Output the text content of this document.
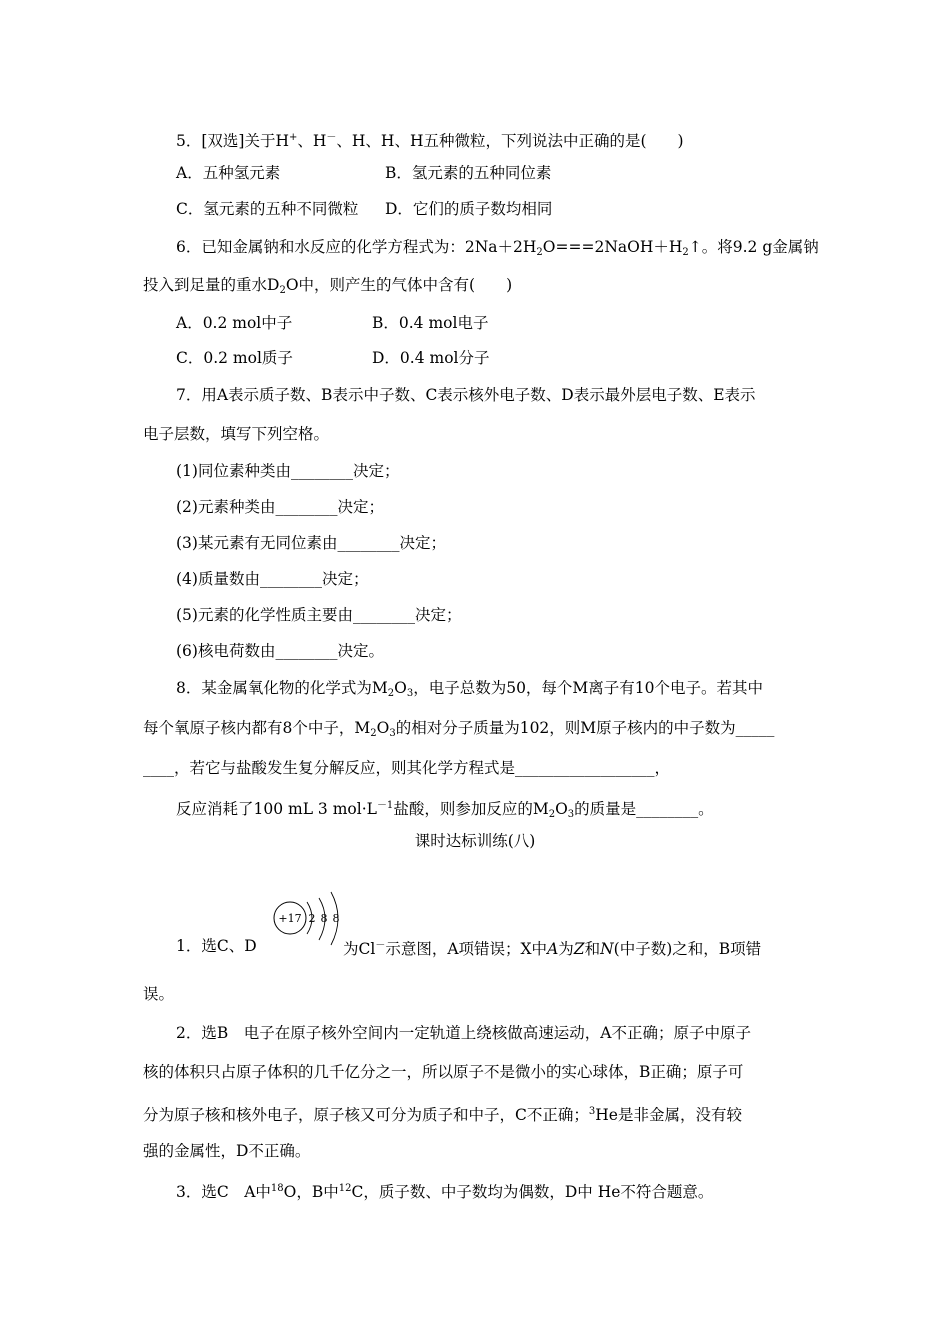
5．[双选]关于H+、H－、H、H、H五种微粒，下列说法中正确的是(　　)
A．五种氢元素	B．氢元素的五种同位素
C．氢元素的五种不同微粒 D．它们的质子数均相同
6．已知金属钠和水反应的化学方程式为：$2Na+2H_2O===2NaOH+H_2↑$。将9.2 g金属钠
投入到足量的重水$D_2O$中，则产生的气体中含有(　　)
A．0.2 mol中子	B．0.4 mol电子
C．0.2 mol质子	D．0.4 mol分子
7．用A表示质子数、B表示中子数、C表示核外电子数、D表示最外层电子数、E表示
电子层数，填写下列空格。
(1)同位素种类由________决定；
(2)元素种类由________决定；
(3)某元素有无同位素由________决定；
(4)质量数由________决定；
(5)元素的化学性质主要由________决定；
(6)核电荷数由________决定。
8．某金属氧化物的化学式为$M_2O_3$，电子总数为50，每个M离子有10个电子。若其中
每个氧原子核内都有8个中子，$M_2O_3$的相对分子质量为102，则M原子核内的中子数为_____
____，若它与盐酸发生复分解反应，则其化学方程式是__________________，
反应消耗了100 mL 3 $mol\cdot L^{-1}$盐酸，则参加反应的$M_2O_3$的质量是________。
课时达标训练(八)
+17 2 8 8
1．选C、D　	为Cl－示意图，A项错误；X中A为Z和N(中子数)之和，B项错
误。
2．选B　电子在原子核外空间内一定轨道上绕核做高速运动，A不正确；原子中原子
核的体积只占原子体积的几千亿分之一，所以原子不是微小的实心球体，B正确；原子可
分为原子核和核外电子，原子核又可分为质子和中子，C不正确；$^3$He是非金属，没有较
强的金属性，D不正确。
3．选C　A中$^{18}$O，B中$^{12}$C，质子数、中子数均为偶数，D中 He不符合题意。
